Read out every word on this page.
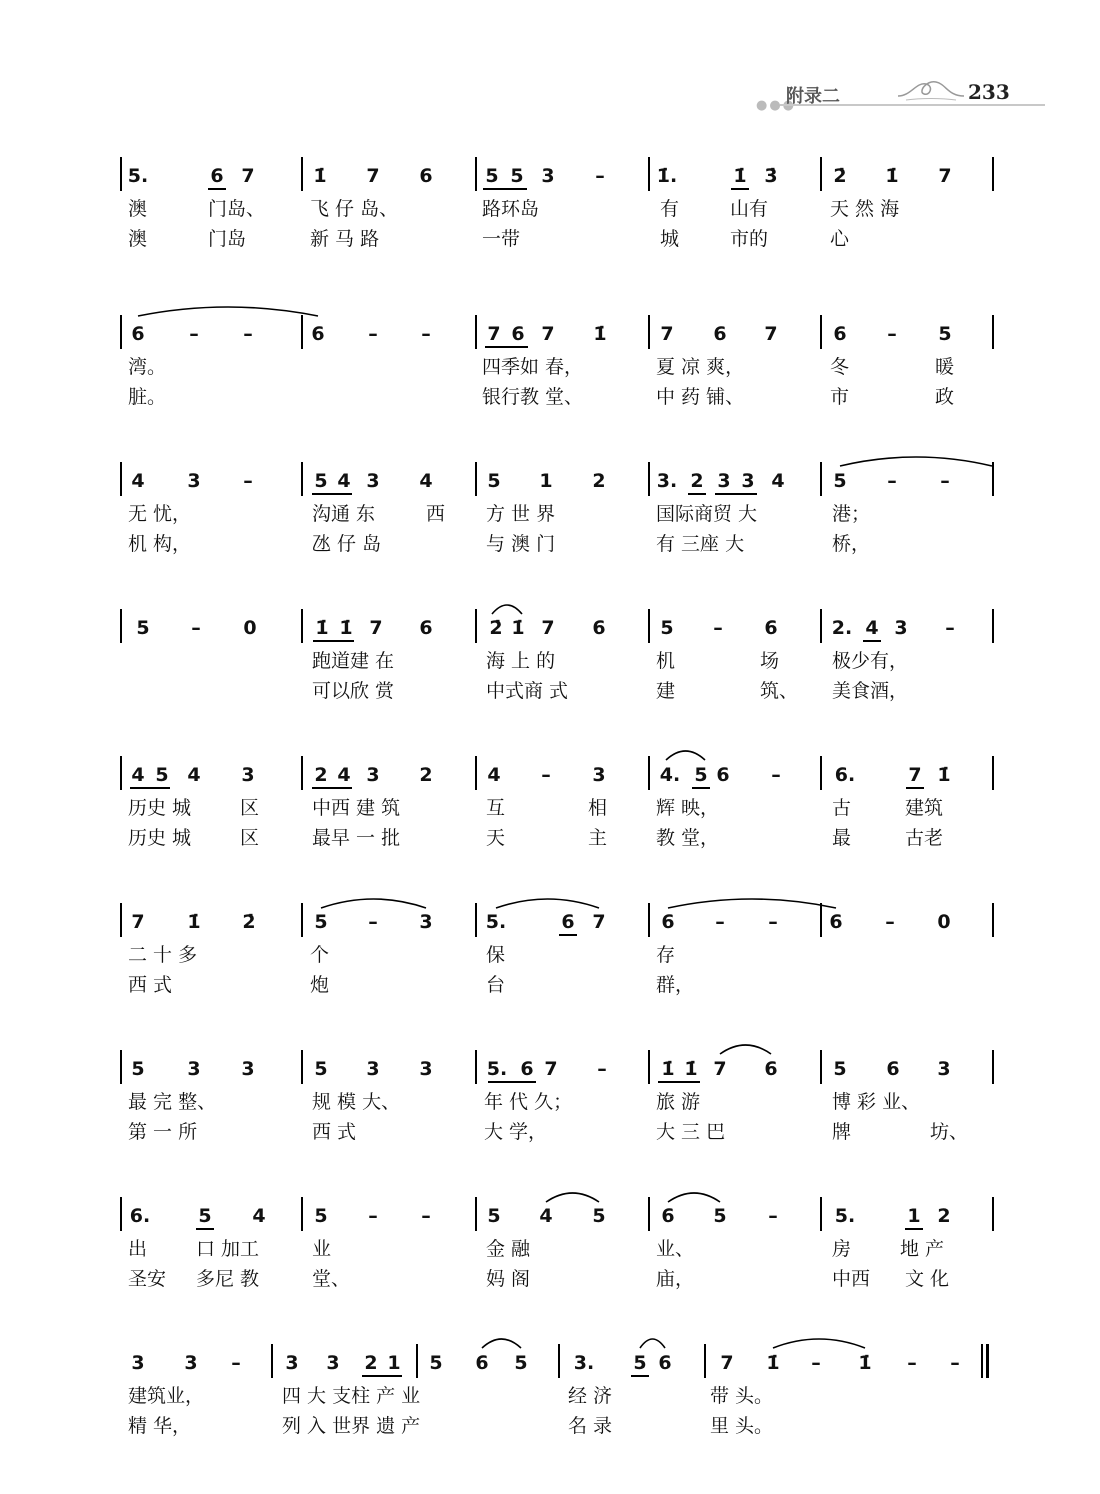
●●●
附录二	233
5.	6 7	1̇ 7 6	5 5 3 –	1̇.	1̇ 3̇	2̇ 1̇ 7
澳	门岛、 飞 仔 岛、	路环岛	有	山有	天 然 海
澳	门岛	新 马 路	一带	城	市的	心
6 – –	6 – –	7 6 7 1̇	7 6 7	6 – 5
湾。	四季如 春，	夏 凉 爽，	冬	暖
脏。	银行教 堂、	中 药 铺、	市	政
4 3 –	5 4 3 4	5 1 2	3. 2 3 3 4	5 – –
无 忧，	沟通 东	西 方 世 界	国际商贸 大	港；
机 构，	氹 仔 岛	与 澳 门	有 三座 大	桥，
5 – 0	1̇ 1̇ 7 6	2̇ 1̇ 7 6	5 – 6	2. 4 3 –
跑道建 在	海 上 的	机	场	极少有，
可以欣 赏	中式商 式	建	筑、 美食酒，
4 5 4 3	2 4 3 2	4 – 3	4. 5 6 –	6.	7 1̇
历史 城	区	中西 建 筑	互	相	辉 映，	古	建筑
历史 城	区	最早 一 批	天	主	教 堂，	最	古老
7 1̇ 2̇	5 – 3	5.	6 7	6 – –	6 – 0
二 十 多	个	保	存
西 式	炮	台	群，
5 3 3	5 3 3	5. 6 7 –	1̇ 1̇ 7 6	5 6 3
最 完 整、	规 模 大、	年 代 久；	旅 游	博 彩 业、
第 一 所	西 式	大 学，	大 三 巴	牌	坊、
6.	5 4	5 – –	5 4 5	6 5 –	5.	1 2
出	口 加工	业	金 融	业、	房	地 产
圣安 多尼 教	堂、	妈 阁	庙，	中西 文 化
3 3 – 3 3 2 1 5 6 5 3. 5 6	7 1̇ – 1̇ – –
建筑业，	四 大 支柱 产 业	经 济	带 头。
精 华，	列 入 世界 遗 产	名 录	里 头。
